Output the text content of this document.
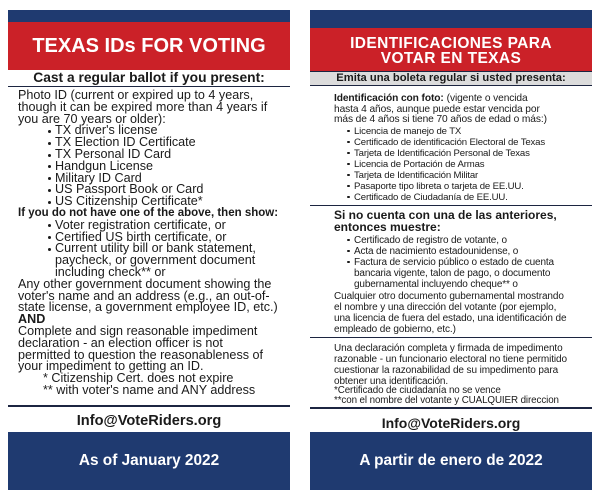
TEXAS IDs FOR VOTING
Cast a regular ballot if you present:
Photo ID (current or expired up to 4 years,
though it can be expired more than 4 years if
you are 70 years or older):
TX driver's license
TX Election ID Certificate
TX Personal ID Card
Handgun License
Military ID Card
US Passport Book or Card
US Citizenship Certificate*
If you do not have one of the above, then show:
Voter registration certificate, or
Certified US birth certificate, or
Current utility bill or bank statement,
paycheck, or government document
including check** or
Any other government document showing the
voter's name and an address (e.g., an out-of-
state license, a government employee ID, etc.)
AND
Complete and sign reasonable impediment
declaration - an election officer is not
permitted to question the reasonableness of
your impediment to getting an ID.
* Citizenship Cert. does not expire
** with voter's name and ANY address
Info@VoteRiders.org
As of January 2022
IDENTIFICACIONES PARA
VOTAR EN TEXAS
Emita una boleta regular si usted presenta:
Identificación con foto: (vigente o vencida
hasta 4 años, aunque puede estar vencida por
más de 4 años si tiene 70 años de edad o más:)
Licencia de manejo de TX
Certificado de identificación Electoral de Texas
Tarjeta de Identificación Personal de Texas
Licencia de Portación de Armas
Tarjeta de Identificación Militar
Pasaporte tipo libreta o tarjeta de EE.UU.
Certificado de Ciudadanía de EE.UU.
Si no cuenta con una de las anteriores,
entonces muestre:
Certificado de registro de votante, o
Acta de nacimiento estadounidense, o
Factura de servicio público o estado de cuenta
bancaria vigente, talon de pago, o documento
gubernamental incluyendo cheque** o
Cualquier otro documento gubernamental mostrando
el nombre y una dirección del votante (por ejemplo,
una licencia de fuera del estado, una identificación de
empleado de gobierno, etc.)
Una declaración completa y firmada de impedimento
razonable - un funcionario electoral no tiene permitido
cuestionar la razonabilidad de su impedimento para
obtener una identificación.
*Certificado de ciudadanía no se vence
**con el nombre del votante y CUALQUIER direccion
Info@VoteRiders.org
A partir de enero de 2022
